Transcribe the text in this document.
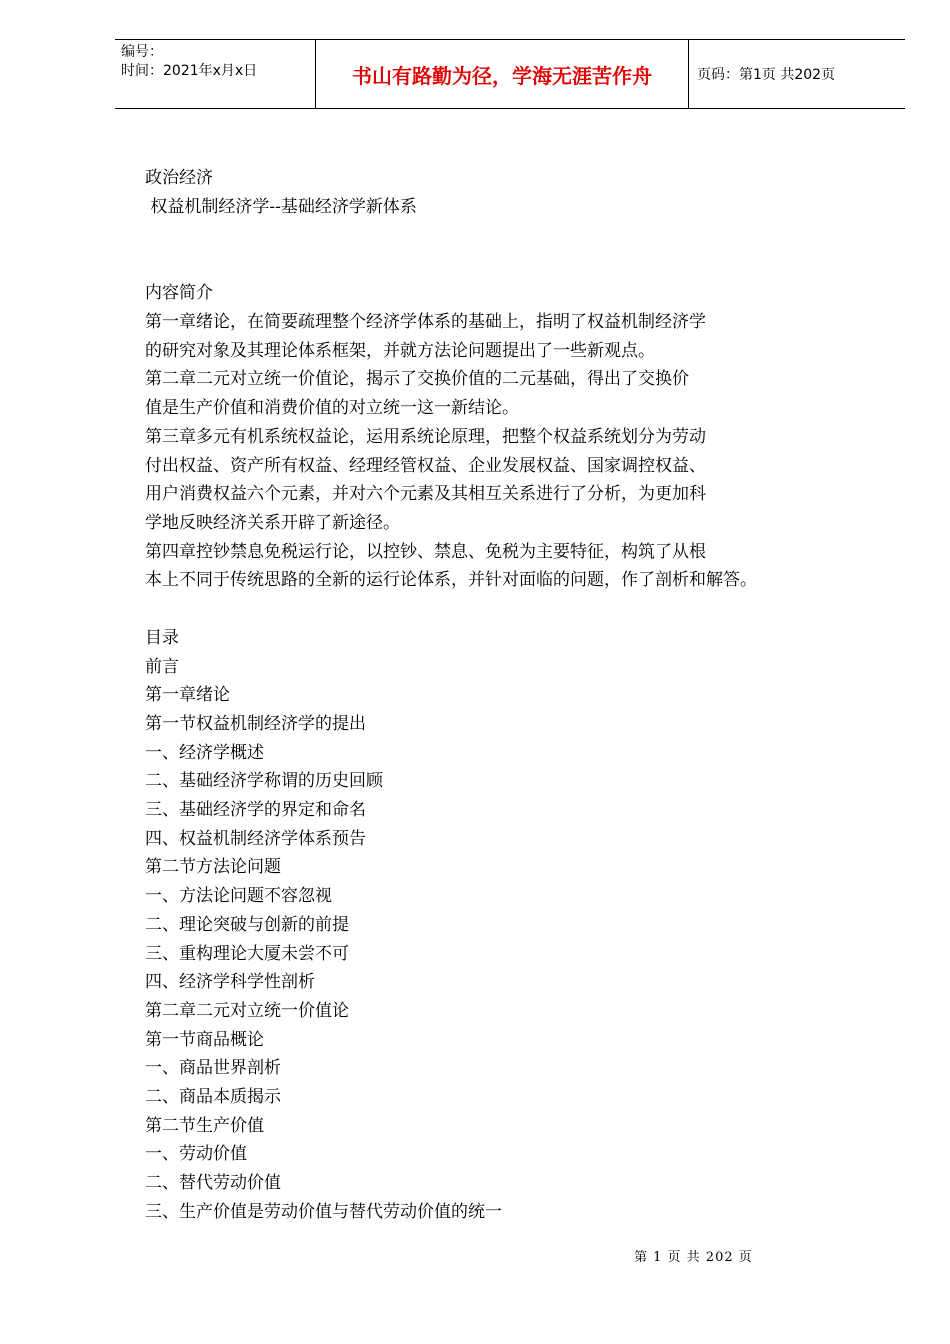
编号：
时间：2021年x月x日	书山有路勤为径，学海无涯苦作舟	页码：第1页 共202页
政治经济
权益机制经济学--基础经济学新体系
内容简介
第一章绪论，在简要疏理整个经济学体系的基础上，指明了权益机制经济学
的研究对象及其理论体系框架，并就方法论问题提出了一些新观点。
第二章二元对立统一价值论，揭示了交换价值的二元基础，得出了交换价
值是生产价值和消费价值的对立统一这一新结论。
第三章多元有机系统权益论，运用系统论原理，把整个权益系统划分为劳动
付出权益、资产所有权益、经理经管权益、企业发展权益、国家调控权益、
用户消费权益六个元素，并对六个元素及其相互关系进行了分析，为更加科
学地反映经济关系开辟了新途径。
第四章控钞禁息免税运行论，以控钞、禁息、免税为主要特征，构筑了从根
本上不同于传统思路的全新的运行论体系，并针对面临的问题，作了剖析和解答。
目录
前言
第一章绪论
第一节权益机制经济学的提出
一、经济学概述
二、基础经济学称谓的历史回顾
三、基础经济学的界定和命名
四、权益机制经济学体系预告
第二节方法论问题
一、方法论问题不容忽视
二、理论突破与创新的前提
三、重构理论大厦未尝不可
四、经济学科学性剖析
第二章二元对立统一价值论
第一节商品概论
一、商品世界剖析
二、商品本质揭示
第二节生产价值
一、劳动价值
二、替代劳动价值
三、生产价值是劳动价值与替代劳动价值的统一
第 1 页 共 202 页
